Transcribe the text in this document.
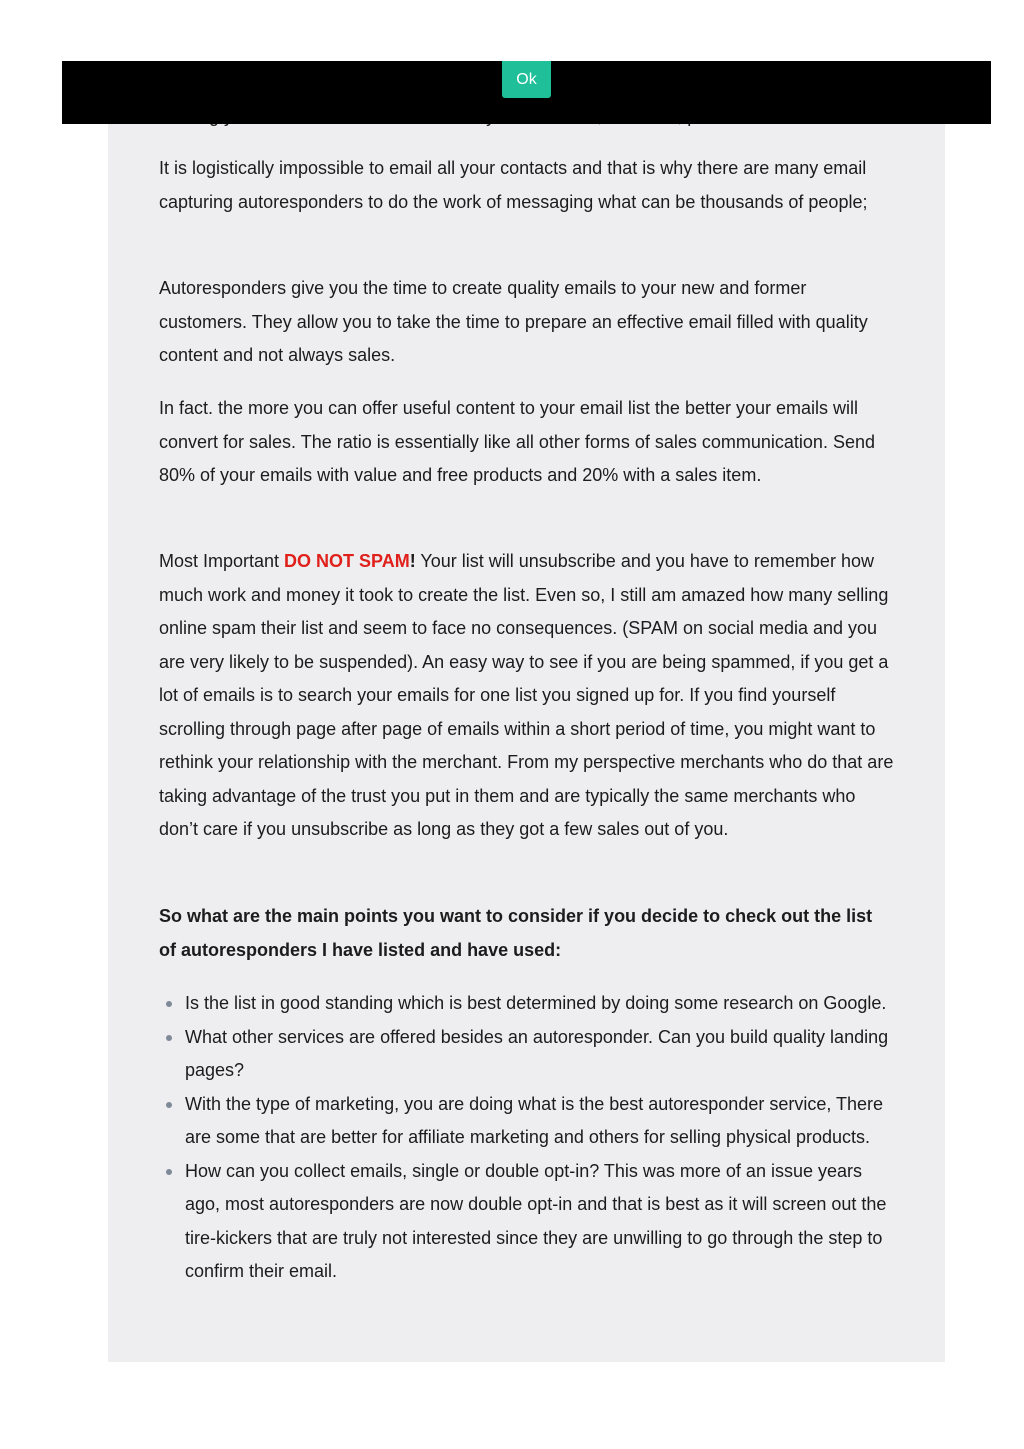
It is logistically impossible to email all your contacts and that is why there are many email capturing autoresponders to do the work of messaging what can be thousands of people;

Autoresponders give you the time to create quality emails to your new and former customers. They allow you to take the time to prepare an effective email filled with quality content and not always sales.

In fact. the more you can offer useful content to your email list the better your emails will convert for sales. The ratio is essentially like all other forms of sales communication. Send 80% of your emails with value and free products and 20% with a sales item.

Most Important DO NOT SPAM! Your list will unsubscribe and you have to remember how much work and money it took to create the list. Even so, I still am amazed how many selling online spam their list and seem to face no consequences. (SPAM on social media and you are very likely to be suspended). An easy way to see if you are being spammed, if you get a lot of emails is to search your emails for one list you signed up for. If you find yourself scrolling through page after page of emails within a short period of time, you might want to rethink your relationship with the merchant. From my perspective merchants who do that are taking advantage of the trust you put in them and are typically the same merchants who don’t care if you unsubscribe as long as they got a few sales out of you.

So what are the main points you want to consider if you decide to check out the list of autoresponders I have listed and have used:

Is the list in good standing which is best determined by doing some research on Google.
What other services are offered besides an autoresponder. Can you build quality landing pages?
With the type of marketing, you are doing what is the best autoresponder service, There are some that are better for affiliate marketing and others for selling physical products.
How can you collect emails, single or double opt-in? This was more of an issue years ago, most autoresponders are now double opt-in and that is best as it will screen out the tire-kickers that are truly not interested since they are unwilling to go through the step to confirm their email.
Ok
